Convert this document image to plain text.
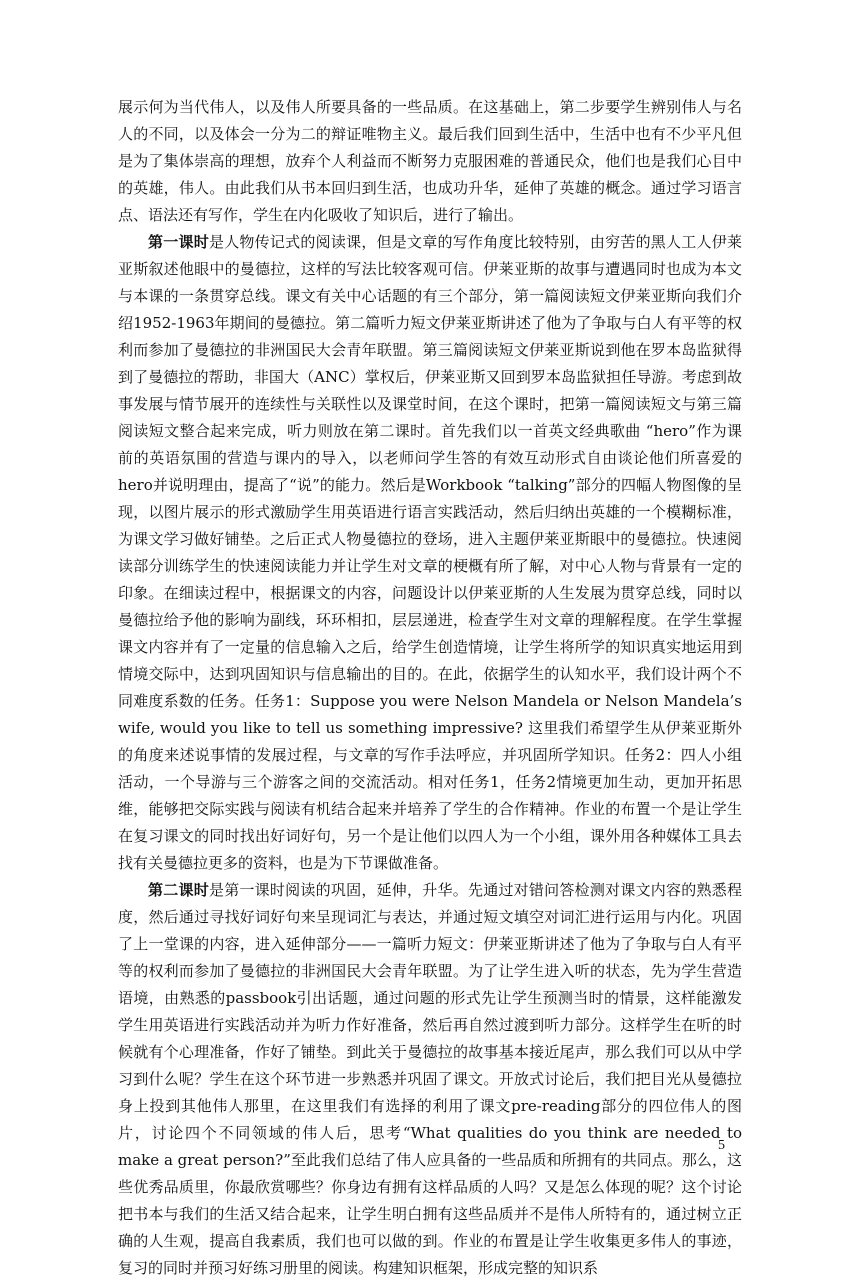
展示何为当代伟人，以及伟人所要具备的一些品质。在这基础上，第二步要学生辨别伟人与名人的不同，以及体会一分为二的辩证唯物主义。最后我们回到生活中，生活中也有不少平凡但是为了集体崇高的理想，放弃个人利益而不断努力克服困难的普通民众，他们也是我们心目中的英雄，伟人。由此我们从书本回归到生活，也成功升华，延伸了英雄的概念。通过学习语言点、语法还有写作，学生在内化吸收了知识后，进行了输出。

第一课时是人物传记式的阅读课，但是文章的写作角度比较特别，由穷苦的黑人工人伊莱亚斯叙述他眼中的曼德拉，这样的写法比较客观可信。伊莱亚斯的故事与遭遇同时也成为本文与本课的一条贯穿总线。课文有关中心话题的有三个部分，第一篇阅读短文伊莱亚斯向我们介绍1952-1963年期间的曼德拉。第二篇听力短文伊莱亚斯讲述了他为了争取与白人有平等的权利而参加了曼德拉的非洲国民大会青年联盟。第三篇阅读短文伊莱亚斯说到他在罗本岛监狱得到了曼德拉的帮助，非国大（ANC）掌权后，伊莱亚斯又回到罗本岛监狱担任导游。考虑到故事发展与情节展开的连续性与关联性以及课堂时间，在这个课时，把第一篇阅读短文与第三篇阅读短文整合起来完成，听力则放在第二课时。首先我们以一首英文经典歌曲 “hero”作为课前的英语氛围的营造与课内的导入，以老师问学生答的有效互动形式自由谈论他们所喜爱的hero并说明理由，提高了“说”的能力。然后是Workbook “talking”部分的四幅人物图像的呈现，以图片展示的形式激励学生用英语进行语言实践活动，然后归纳出英雄的一个模糊标准，为课文学习做好铺垫。之后正式人物曼德拉的登场，进入主题伊莱亚斯眼中的曼德拉。快速阅读部分训练学生的快速阅读能力并让学生对文章的梗概有所了解，对中心人物与背景有一定的印象。在细读过程中，根据课文的内容，问题设计以伊莱亚斯的人生发展为贯穿总线，同时以曼德拉给予他的影响为副线，环环相扣，层层递进，检查学生对文章的理解程度。在学生掌握课文内容并有了一定量的信息输入之后，给学生创造情境，让学生将所学的知识真实地运用到情境交际中，达到巩固知识与信息输出的目的。在此，依据学生的认知水平，我们设计两个不同难度系数的任务。任务1：Suppose you were Nelson Mandela or Nelson Mandela’s wife, would you like to tell us something impressive? 这里我们希望学生从伊莱亚斯外的角度来述说事情的发展过程，与文章的写作手法呼应，并巩固所学知识。任务2：四人小组活动，一个导游与三个游客之间的交流活动。相对任务1，任务2情境更加生动，更加开拓思维，能够把交际实践与阅读有机结合起来并培养了学生的合作精神。作业的布置一个是让学生在复习课文的同时找出好词好句，另一个是让他们以四人为一个小组，课外用各种媒体工具去找有关曼德拉更多的资料，也是为下节课做准备。

第二课时是第一课时阅读的巩固，延伸，升华。先通过对错问答检测对课文内容的熟悉程度，然后通过寻找好词好句来呈现词汇与表达，并通过短文填空对词汇进行运用与内化。巩固了上一堂课的内容，进入延伸部分——一篇听力短文：伊莱亚斯讲述了他为了争取与白人有平等的权利而参加了曼德拉的非洲国民大会青年联盟。为了让学生进入听的状态，先为学生营造语境，由熟悉的passbook引出话题，通过问题的形式先让学生预测当时的情景，这样能激发学生用英语进行实践活动并为听力作好准备，然后再自然过渡到听力部分。这样学生在听的时候就有个心理准备，作好了铺垫。到此关于曼德拉的故事基本接近尾声，那么我们可以从中学习到什么呢？学生在这个环节进一步熟悉并巩固了课文。开放式讨论后，我们把目光从曼德拉身上投到其他伟人那里，在这里我们有选择的利用了课文pre-reading部分的四位伟人的图片，讨论四个不同领域的伟人后，思考“What qualities do you think are needed to make a great person?”至此我们总结了伟人应具备的一些品质和所拥有的共同点。那么，这些优秀品质里，你最欣赏哪些？你身边有拥有这样品质的人吗？又是怎么体现的呢？这个讨论把书本与我们的生活又结合起来，让学生明白拥有这些品质并不是伟人所特有的，通过树立正确的人生观，提高自我素质，我们也可以做的到。作业的布置是让学生收集更多伟人的事迹，复习的同时并预习好练习册里的阅读。构建知识框架，形成完整的知识系

5
